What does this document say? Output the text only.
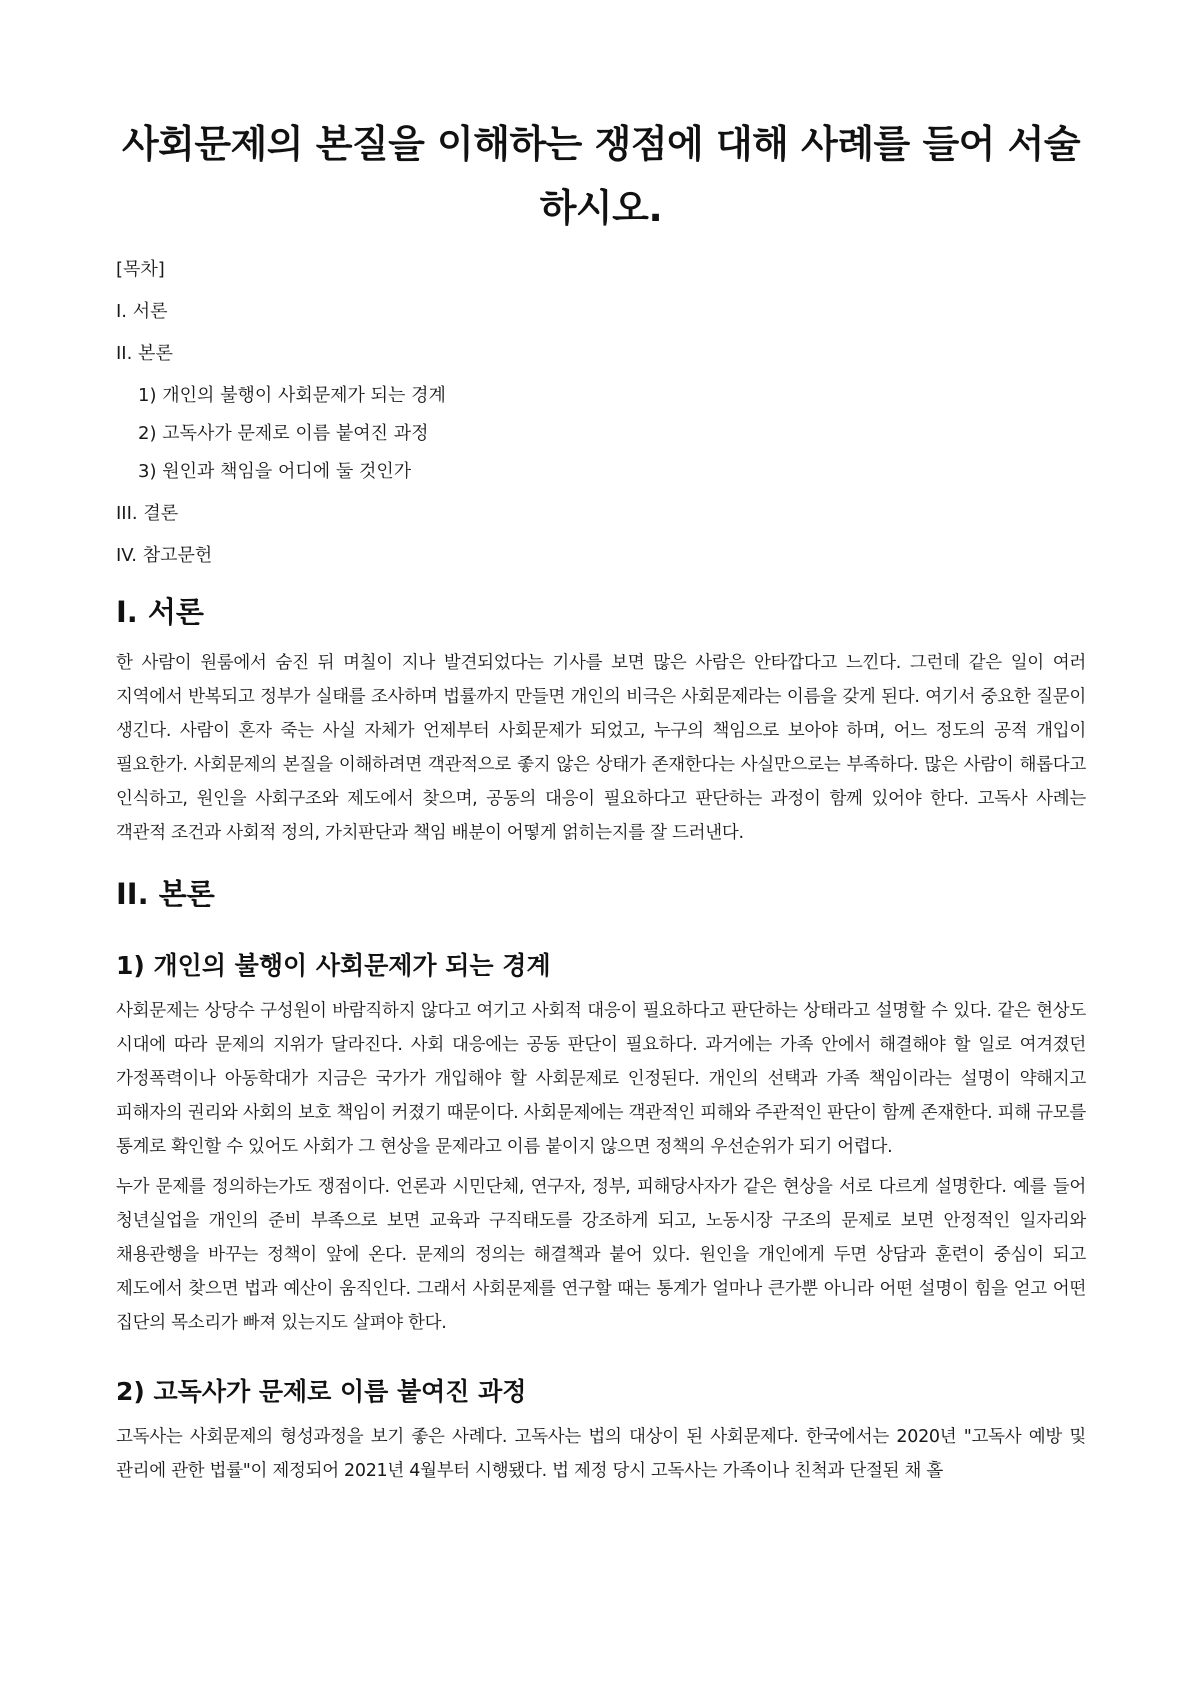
사회문제의 본질을 이해하는 쟁점에 대해 사례를 들어 서술하시오.
[목차]
I. 서론
II. 본론
1) 개인의 불행이 사회문제가 되는 경계
2) 고독사가 문제로 이름 붙여진 과정
3) 원인과 책임을 어디에 둘 것인가
III. 결론
IV. 참고문헌
I. 서론

한 사람이 원룸에서 숨진 뒤 며칠이 지나 발견되었다는 기사를 보면 많은 사람은 안타깝다고 느낀다. 그런데 같은 일이 여러 지역에서 반복되고 정부가 실태를 조사하며 법률까지 만들면 개인의 비극은 사회문제라는 이름을 갖게 된다. 여기서 중요한 질문이 생긴다. 사람이 혼자 죽는 사실 자체가 언제부터 사회문제가 되었고, 누구의 책임으로 보아야 하며, 어느 정도의 공적 개입이 필요한가. 사회문제의 본질을 이해하려면 객관적으로 좋지 않은 상태가 존재한다는 사실만으로는 부족하다. 많은 사람이 해롭다고 인식하고, 원인을 사회구조와 제도에서 찾으며, 공동의 대응이 필요하다고 판단하는 과정이 함께 있어야 한다. 고독사 사례는 객관적 조건과 사회적 정의, 가치판단과 책임 배분이 어떻게 얽히는지를 잘 드러낸다.

II. 본론
1) 개인의 불행이 사회문제가 되는 경계

사회문제는 상당수 구성원이 바람직하지 않다고 여기고 사회적 대응이 필요하다고 판단하는 상태라고 설명할 수 있다. 같은 현상도 시대에 따라 문제의 지위가 달라진다. 사회 대응에는 공동 판단이 필요하다. 과거에는 가족 안에서 해결해야 할 일로 여겨졌던 가정폭력이나 아동학대가 지금은 국가가 개입해야 할 사회문제로 인정된다. 개인의 선택과 가족 책임이라는 설명이 약해지고 피해자의 권리와 사회의 보호 책임이 커졌기 때문이다. 사회문제에는 객관적인 피해와 주관적인 판단이 함께 존재한다. 피해 규모를 통계로 확인할 수 있어도 사회가 그 현상을 문제라고 이름 붙이지 않으면 정책의 우선순위가 되기 어렵다.

누가 문제를 정의하는가도 쟁점이다. 언론과 시민단체, 연구자, 정부, 피해당사자가 같은 현상을 서로 다르게 설명한다. 예를 들어 청년실업을 개인의 준비 부족으로 보면 교육과 구직태도를 강조하게 되고, 노동시장 구조의 문제로 보면 안정적인 일자리와 채용관행을 바꾸는 정책이 앞에 온다. 문제의 정의는 해결책과 붙어 있다. 원인을 개인에게 두면 상담과 훈련이 중심이 되고 제도에서 찾으면 법과 예산이 움직인다. 그래서 사회문제를 연구할 때는 통계가 얼마나 큰가뿐 아니라 어떤 설명이 힘을 얻고 어떤 집단의 목소리가 빠져 있는지도 살펴야 한다.

2) 고독사가 문제로 이름 붙여진 과정

고독사는 사회문제의 형성과정을 보기 좋은 사례다. 고독사는 법의 대상이 된 사회문제다. 한국에서는 2020년 "고독사 예방 및 관리에 관한 법률"이 제정되어 2021년 4월부터 시행됐다. 법 제정 당시 고독사는 가족이나 친척과 단절된 채 홀
